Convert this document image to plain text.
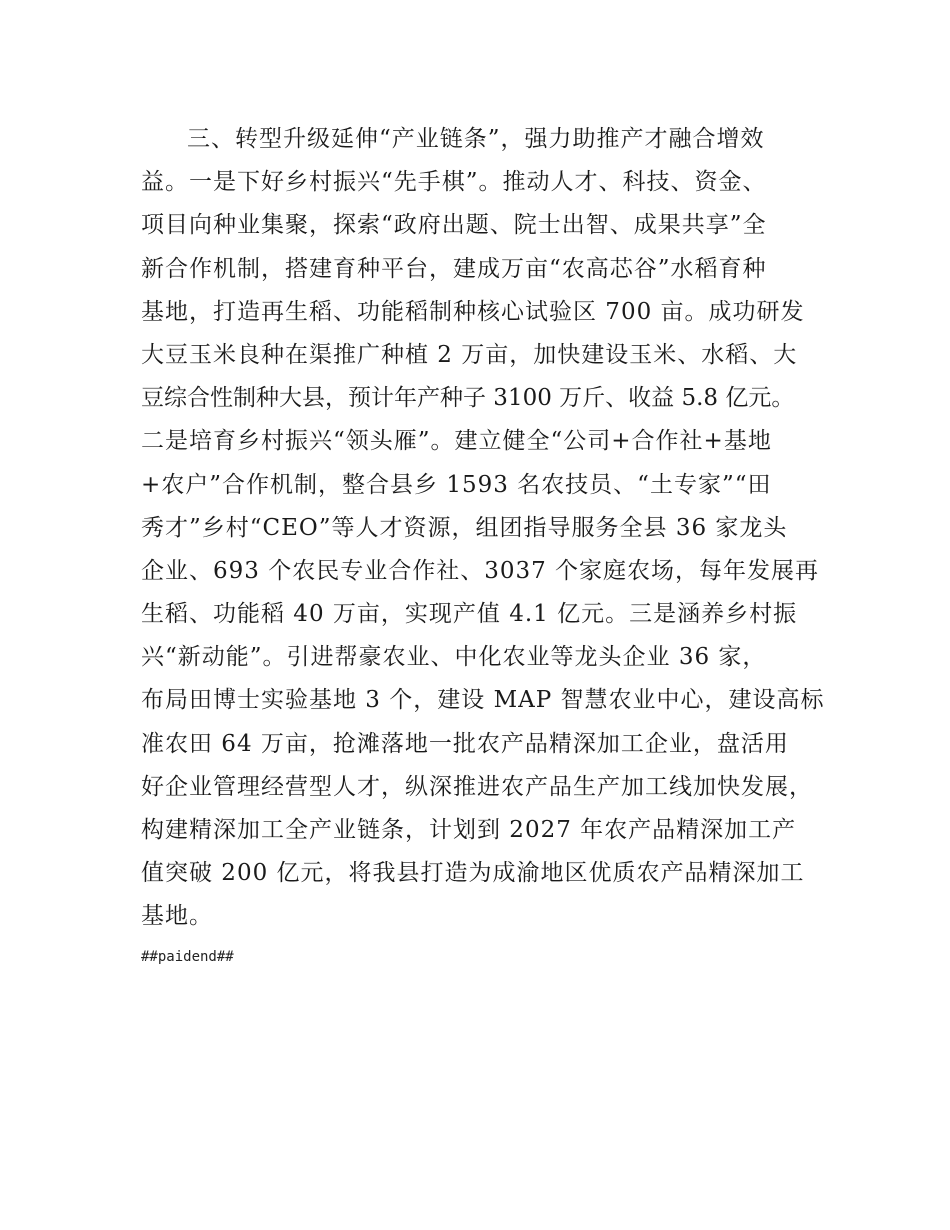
三、转型升级延伸“产业链条”，强力助推产才融合增效
益。一是下好乡村振兴“先手棋”。推动人才、科技、资金、
项目向种业集聚，探索“政府出题、院士出智、成果共享”全
新合作机制，搭建育种平台，建成万亩“农高芯谷”水稻育种
基地，打造再生稻、功能稻制种核心试验区 700 亩。成功研发
大豆玉米良种在渠推广种植 2 万亩，加快建设玉米、水稻、大
豆综合性制种大县，预计年产种子 3100 万斤、收益 5.8 亿元。
二是培育乡村振兴“领头雁”。建立健全“公司+合作社+基地
+农户”合作机制，整合县乡 1593 名农技员、“土专家”“田
秀才”乡村“CEO”等人才资源，组团指导服务全县 36 家龙头
企业、693 个农民专业合作社、3037 个家庭农场，每年发展再
生稻、功能稻 40 万亩，实现产值 4.1 亿元。三是涵养乡村振
兴“新动能”。引进帮豪农业、中化农业等龙头企业 36 家，
布局田博士实验基地 3 个，建设 MAP 智慧农业中心，建设高标
准农田 64 万亩，抢滩落地一批农产品精深加工企业，盘活用
好企业管理经营型人才，纵深推进农产品生产加工线加快发展，
构建精深加工全产业链条，计划到 2027 年农产品精深加工产
值突破 200 亿元，将我县打造为成渝地区优质农产品精深加工
基地。

##paidend##
